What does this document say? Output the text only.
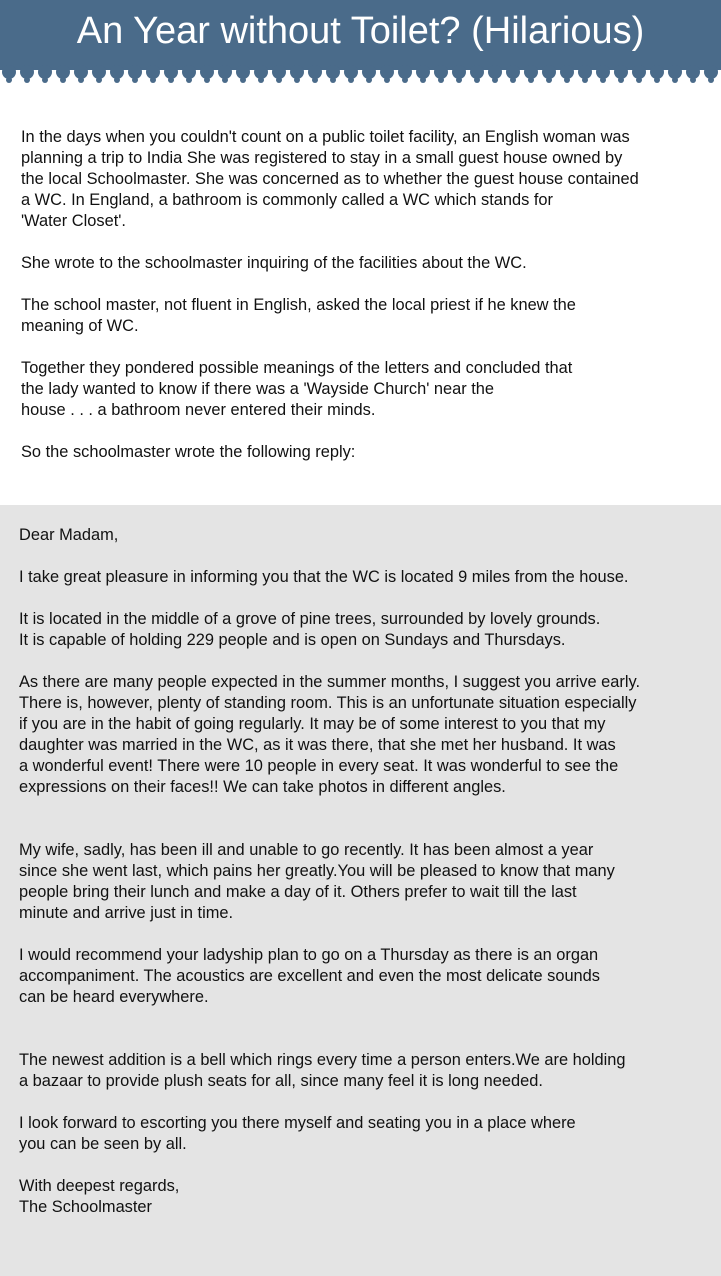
An Year without Toilet? (Hilarious)

In the days when you couldn't count on a public toilet facility, an English woman was
planning a trip to India She was registered to stay in a small guest house owned by
the local Schoolmaster. She was concerned as to whether the guest house contained
a WC. In England, a bathroom is commonly called a WC which stands for
'Water Closet'.

She wrote to the schoolmaster inquiring of the facilities about the WC.

The school master, not fluent in English, asked the local priest if he knew the
meaning of WC.

Together they pondered possible meanings of the letters and concluded that
the lady wanted to know if there was a 'Wayside Church' near the
house . . . a bathroom never entered their minds.

So the schoolmaster wrote the following reply:

Dear Madam,

I take great pleasure in informing you that the WC is located 9 miles from the house.

It is located in the middle of a grove of pine trees, surrounded by lovely grounds.
It is capable of holding 229 people and is open on Sundays and Thursdays.

As there are many people expected in the summer months, I suggest you arrive early.
There is, however, plenty of standing room. This is an unfortunate situation especially
if you are in the habit of going regularly. It may be of some interest to you that my
daughter was married in the WC, as it was there, that she met her husband. It was
a wonderful event! There were 10 people in every seat. It was wonderful to see the
expressions on their faces!! We can take photos in different angles.

My wife, sadly, has been ill and unable to go recently. It has been almost a year
since she went last, which pains her greatly.You will be pleased to know that many
people bring their lunch and make a day of it. Others prefer to wait till the last
minute and arrive just in time.

I would recommend your ladyship plan to go on a Thursday as there is an organ
accompaniment. The acoustics are excellent and even the most delicate sounds
can be heard everywhere.

The newest addition is a bell which rings every time a person enters.We are holding
a bazaar to provide plush seats for all, since many feel it is long needed.

I look forward to escorting you there myself and seating you in a place where
you can be seen by all.

With deepest regards,
The Schoolmaster
